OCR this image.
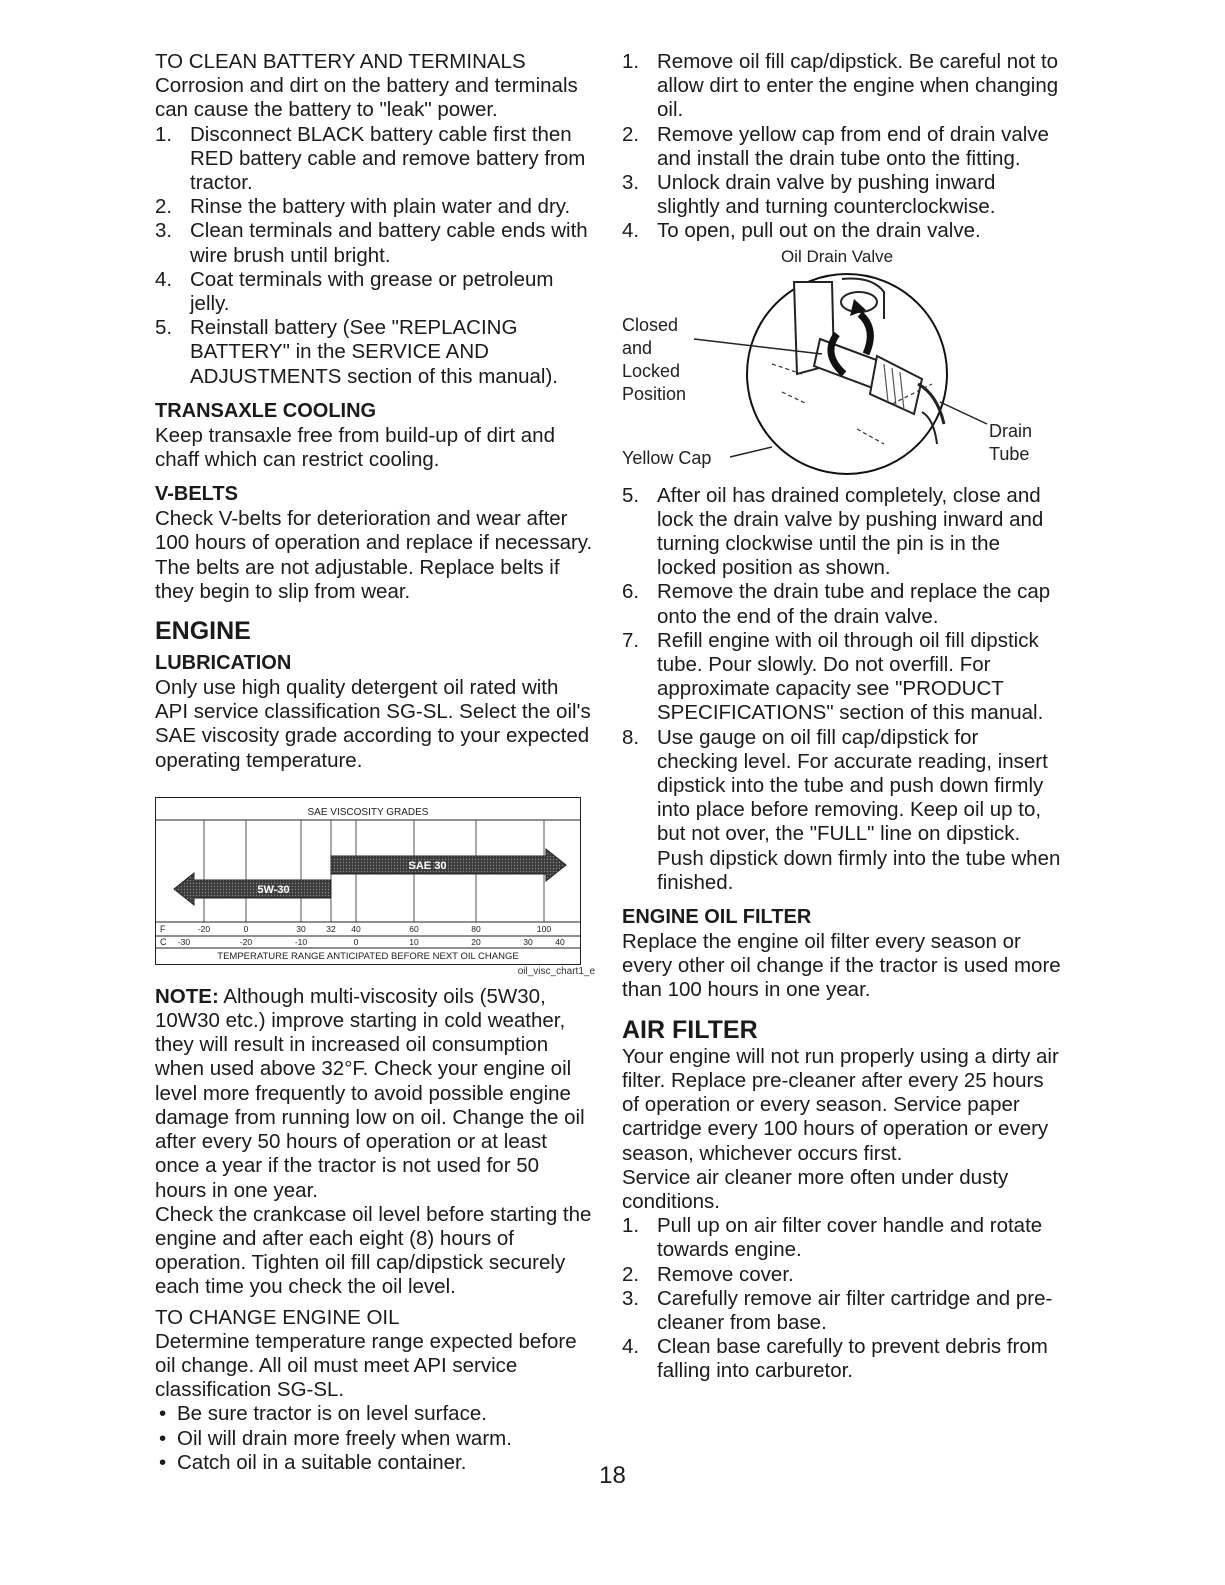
TO CLEAN BATTERY AND TERMINALS

Corrosion and dirt on the battery and terminals can cause the battery to "leak" power.

1. Disconnect BLACK battery cable first then RED battery cable and remove battery from tractor.
2. Rinse the battery with plain water and dry.
3. Clean terminals and battery cable ends with wire brush until bright.
4. Coat terminals with grease or petroleum jelly.
5. Reinstall battery (See "REPLACING BATTERY" in the SERVICE AND ADJUSTMENTS section of this manual).
TRANSAXLE COOLING

Keep transaxle free from build-up of dirt and chaff which can restrict cooling.

V-BELTS

Check V-belts for deterioration and wear after 100 hours of operation and replace if necessary. The belts are not adjustable. Replace belts if they begin to slip from wear.

ENGINE
LUBRICATION

Only use high quality detergent oil rated with API service classification SG-SL. Select the oil's SAE viscosity grade according to your expected operating temperature.

SAE VISCOSITY GRADES
SAE 30
5W-30
F
C
-20	0	30 32 40	60	80	100
-30	-20	-10	0	10	20	30	40
TEMPERATURE RANGE ANTICIPATED BEFORE NEXT OIL CHANGE
oil_visc_chart1_e

NOTE: Although multi-viscosity oils (5W30, 10W30 etc.) improve starting in cold weather, they will result in increased oil consumption when used above 32°F. Check your engine oil level more frequently to avoid possible engine damage from running low on oil. Change the oil after every 50 hours of operation or at least once a year if the tractor is not used for 50 hours in one year.

Check the crankcase oil level before starting the engine and after each eight (8) hours of operation. Tighten oil fill cap/dipstick securely each time you check the oil level.

TO CHANGE ENGINE OIL

Determine temperature range expected before oil change. All oil must meet API service classification SG-SL.

• Be sure tractor is on level surface.
• Oil will drain more freely when warm.
• Catch oil in a suitable container.
1. Remove oil fill cap/dipstick. Be careful not to allow dirt to enter the engine when changing oil.
2. Remove yellow cap from end of drain valve and install the drain tube onto the fitting.
3. Unlock drain valve by pushing inward slightly and turning counterclockwise.
4. To open, pull out on the drain valve.
Oil Drain Valve
Closed
and
Locked
Position
Yellow Cap
Drain
Tube
5. After oil has drained completely, close and lock the drain valve by pushing inward and turning clockwise until the pin is in the locked position as shown.
6. Remove the drain tube and replace the cap onto the end of the drain valve.
7. Refill engine with oil through oil fill dipstick tube. Pour slowly. Do not overfill. For approximate capacity see "PRODUCT SPECIFICATIONS" section of this manual.
8. Use gauge on oil fill cap/dipstick for checking level. For accurate reading, insert dipstick into the tube and push down firmly into place before removing. Keep oil up to, but not over, the "FULL" line on dipstick. Push dipstick down firmly into the tube when finished.
ENGINE OIL FILTER

Replace the engine oil filter every season or every other oil change if the tractor is used more than 100 hours in one year.

AIR FILTER

Your engine will not run properly using a dirty air filter. Replace pre-cleaner after every 25 hours of operation or every season. Service paper cartridge every 100 hours of operation or every season, whichever occurs first.

Service air cleaner more often under dusty conditions.

1. Pull up on air filter cover handle and rotate towards engine.
2. Remove cover.
3. Carefully remove air filter cartridge and pre-cleaner from base.
4. Clean base carefully to prevent debris from falling into carburetor.
18
